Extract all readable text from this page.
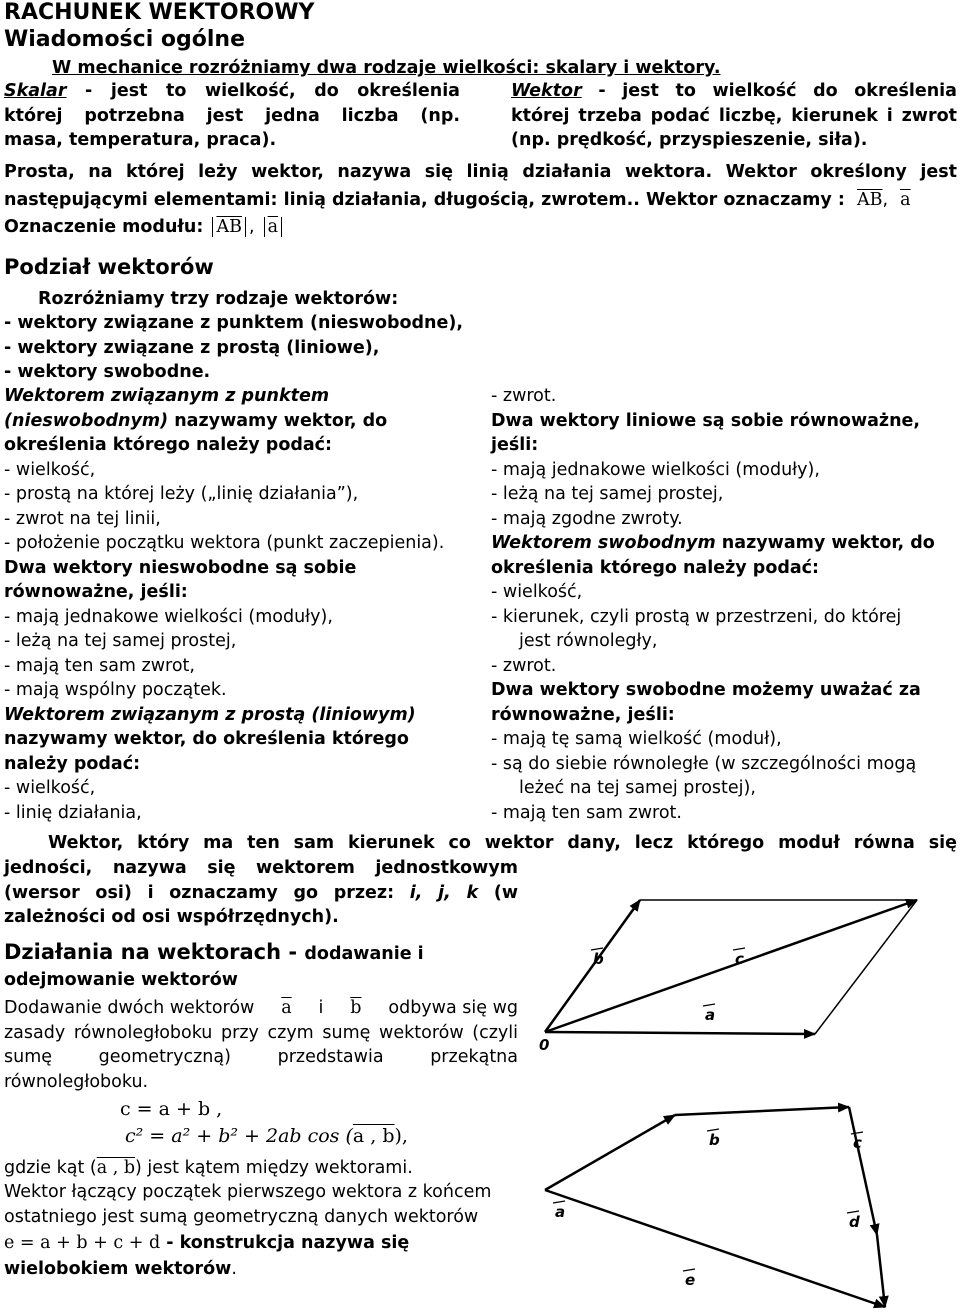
RACHUNEK WEKTOROWY
Wiadomości ogólne
W mechanice rozróżniamy dwa rodzaje wielkości: skalary i wektory.
Skalar - jest to wielkość, do określenia
której potrzebna jest jedna liczba (np.
masa, temperatura, praca).
Wektor - jest to wielkość do określenia
której trzeba podać liczbę, kierunek i zwrot
(np. prędkość, przyspieszenie, siła).
Prosta, na której leży wektor, nazywa się linią działania wektora. Wektor określony jest
następującymi elementami: linią działania, długością, zwrotem.. Wektor oznaczamy : $\overline{AB}$, $\overline{a}$
Oznaczenie modułu: $\overline{AB}$ , $\overline{a}$
Podział wektorów
Rozróżniamy trzy rodzaje wektorów:
- wektory związane z punktem (nieswobodne),
- wektory związane z prostą (liniowe),
- wektory swobodne.
Wektorem związanym z punktem
(nieswobodnym) nazywamy wektor, do
określenia którego należy podać:
- wielkość,
- prostą na której leży („linię działania”),
- zwrot na tej linii,
- położenie początku wektora (punkt zaczepienia).
Dwa wektory nieswobodne są sobie
równoważne, jeśli:
- mają jednakowe wielkości (moduły),
- leżą na tej samej prostej,
- mają ten sam zwrot,
- mają wspólny początek.
Wektorem związanym z prostą (liniowym)
nazywamy wektor, do określenia którego
należy podać:
- wielkość,
- linię działania,
- zwrot.
Dwa wektory liniowe są sobie równoważne,
jeśli:
- mają jednakowe wielkości (moduły),
- leżą na tej samej prostej,
- mają zgodne zwroty.
Wektorem swobodnym nazywamy wektor, do
określenia którego należy podać:
- wielkość,
- kierunek, czyli prostą w przestrzeni, do której
jest równoległy,
- zwrot.
Dwa wektory swobodne możemy uważać za
równoważne, jeśli:
- mają tę samą wielkość (moduł),
- są do siebie równoległe (w szczególności mogą
leżeć na tej samej prostej),
- mają ten sam zwrot.
Wektor, który ma ten sam kierunek co wektor dany, lecz którego moduł równa się
jedności, nazywa się wektorem jednostkowym
(wersor osi) i oznaczamy go przez: i, j, k (w
zależności od osi współrzędnych).
Działania na wektorach - dodawanie i
odejmowanie wektorów
Dodawanie dwóch wektorów $\overline{a}$ i $\overline{b}$ odbywa się wg
zasady równoległoboku przy czym sumę wektorów (czyli
sumę geometryczną) przedstawia przekątna
równoległoboku.
c = a + b ,
c² = a² + b² + 2ab cos (a , b),
gdzie kąt (a , b) jest kątem między wektorami.
Wektor łączący początek pierwszego wektora z końcem
ostatniego jest sumą geometryczną danych wektorów
e = a + b + c + d - konstrukcja nazywa się
wielobokiem wektorów.
b	c
a
0
a
b	c
d
e
